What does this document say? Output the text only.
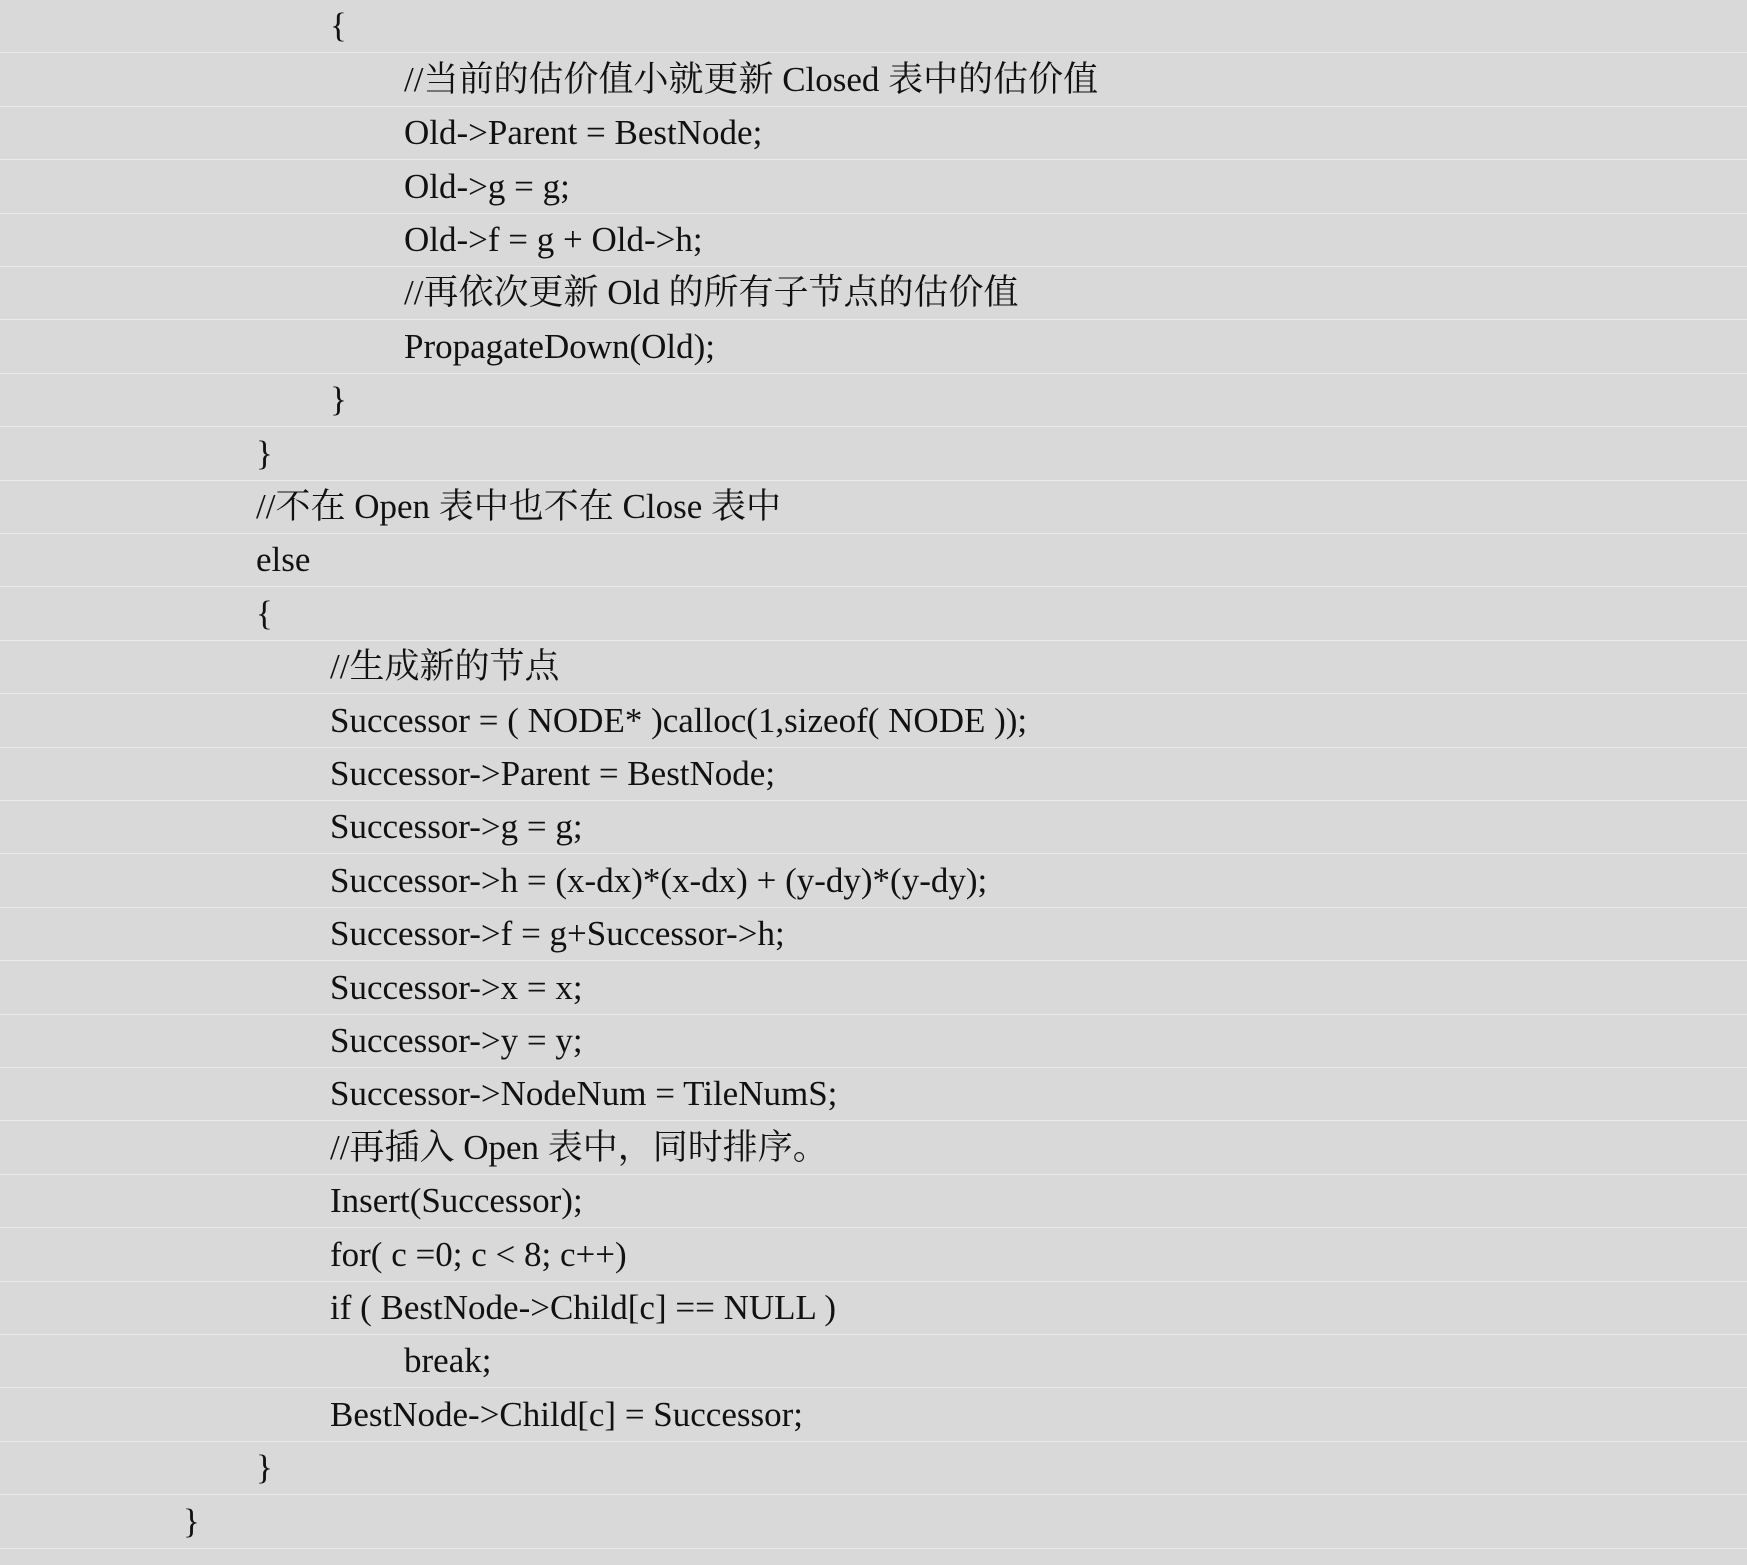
{
//当前的估价值小就更新 Closed 表中的估价值
Old->Parent = BestNode;
Old->g = g;
Old->f = g + Old->h;
//再依次更新 Old 的所有子节点的估价值
PropagateDown(Old);
}
}
//不在 Open 表中也不在 Close 表中
else
{
//生成新的节点
Successor = ( NODE* )calloc(1,sizeof( NODE ));
Successor->Parent = BestNode;
Successor->g = g;
Successor->h = (x-dx)*(x-dx) + (y-dy)*(y-dy);
Successor->f = g+Successor->h;
Successor->x = x;
Successor->y = y;
Successor->NodeNum = TileNumS;
//再插入 Open 表中，同时排序。
Insert(Successor);
for( c =0; c < 8; c++)
if ( BestNode->Child[c] == NULL )
break;
BestNode->Child[c] = Successor;
}
}
